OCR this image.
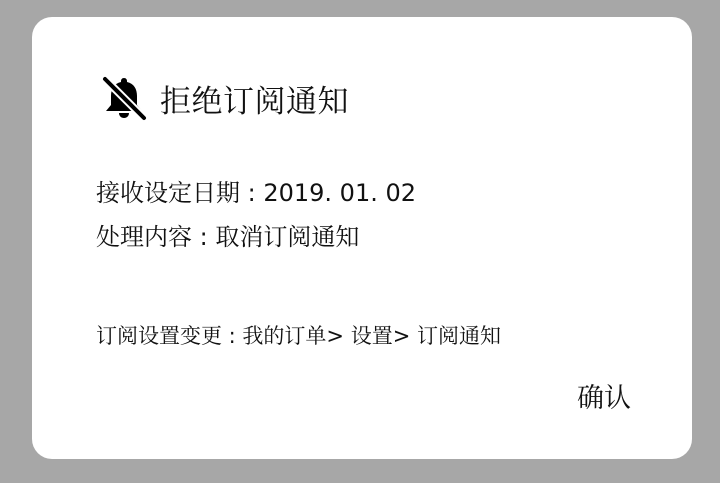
拒绝订阅通知
接收设定日期 : 2019. 01. 02
处理内容 : 取消订阅通知
订阅设置变更 : 我的订单> 设置> 订阅通知
确认
